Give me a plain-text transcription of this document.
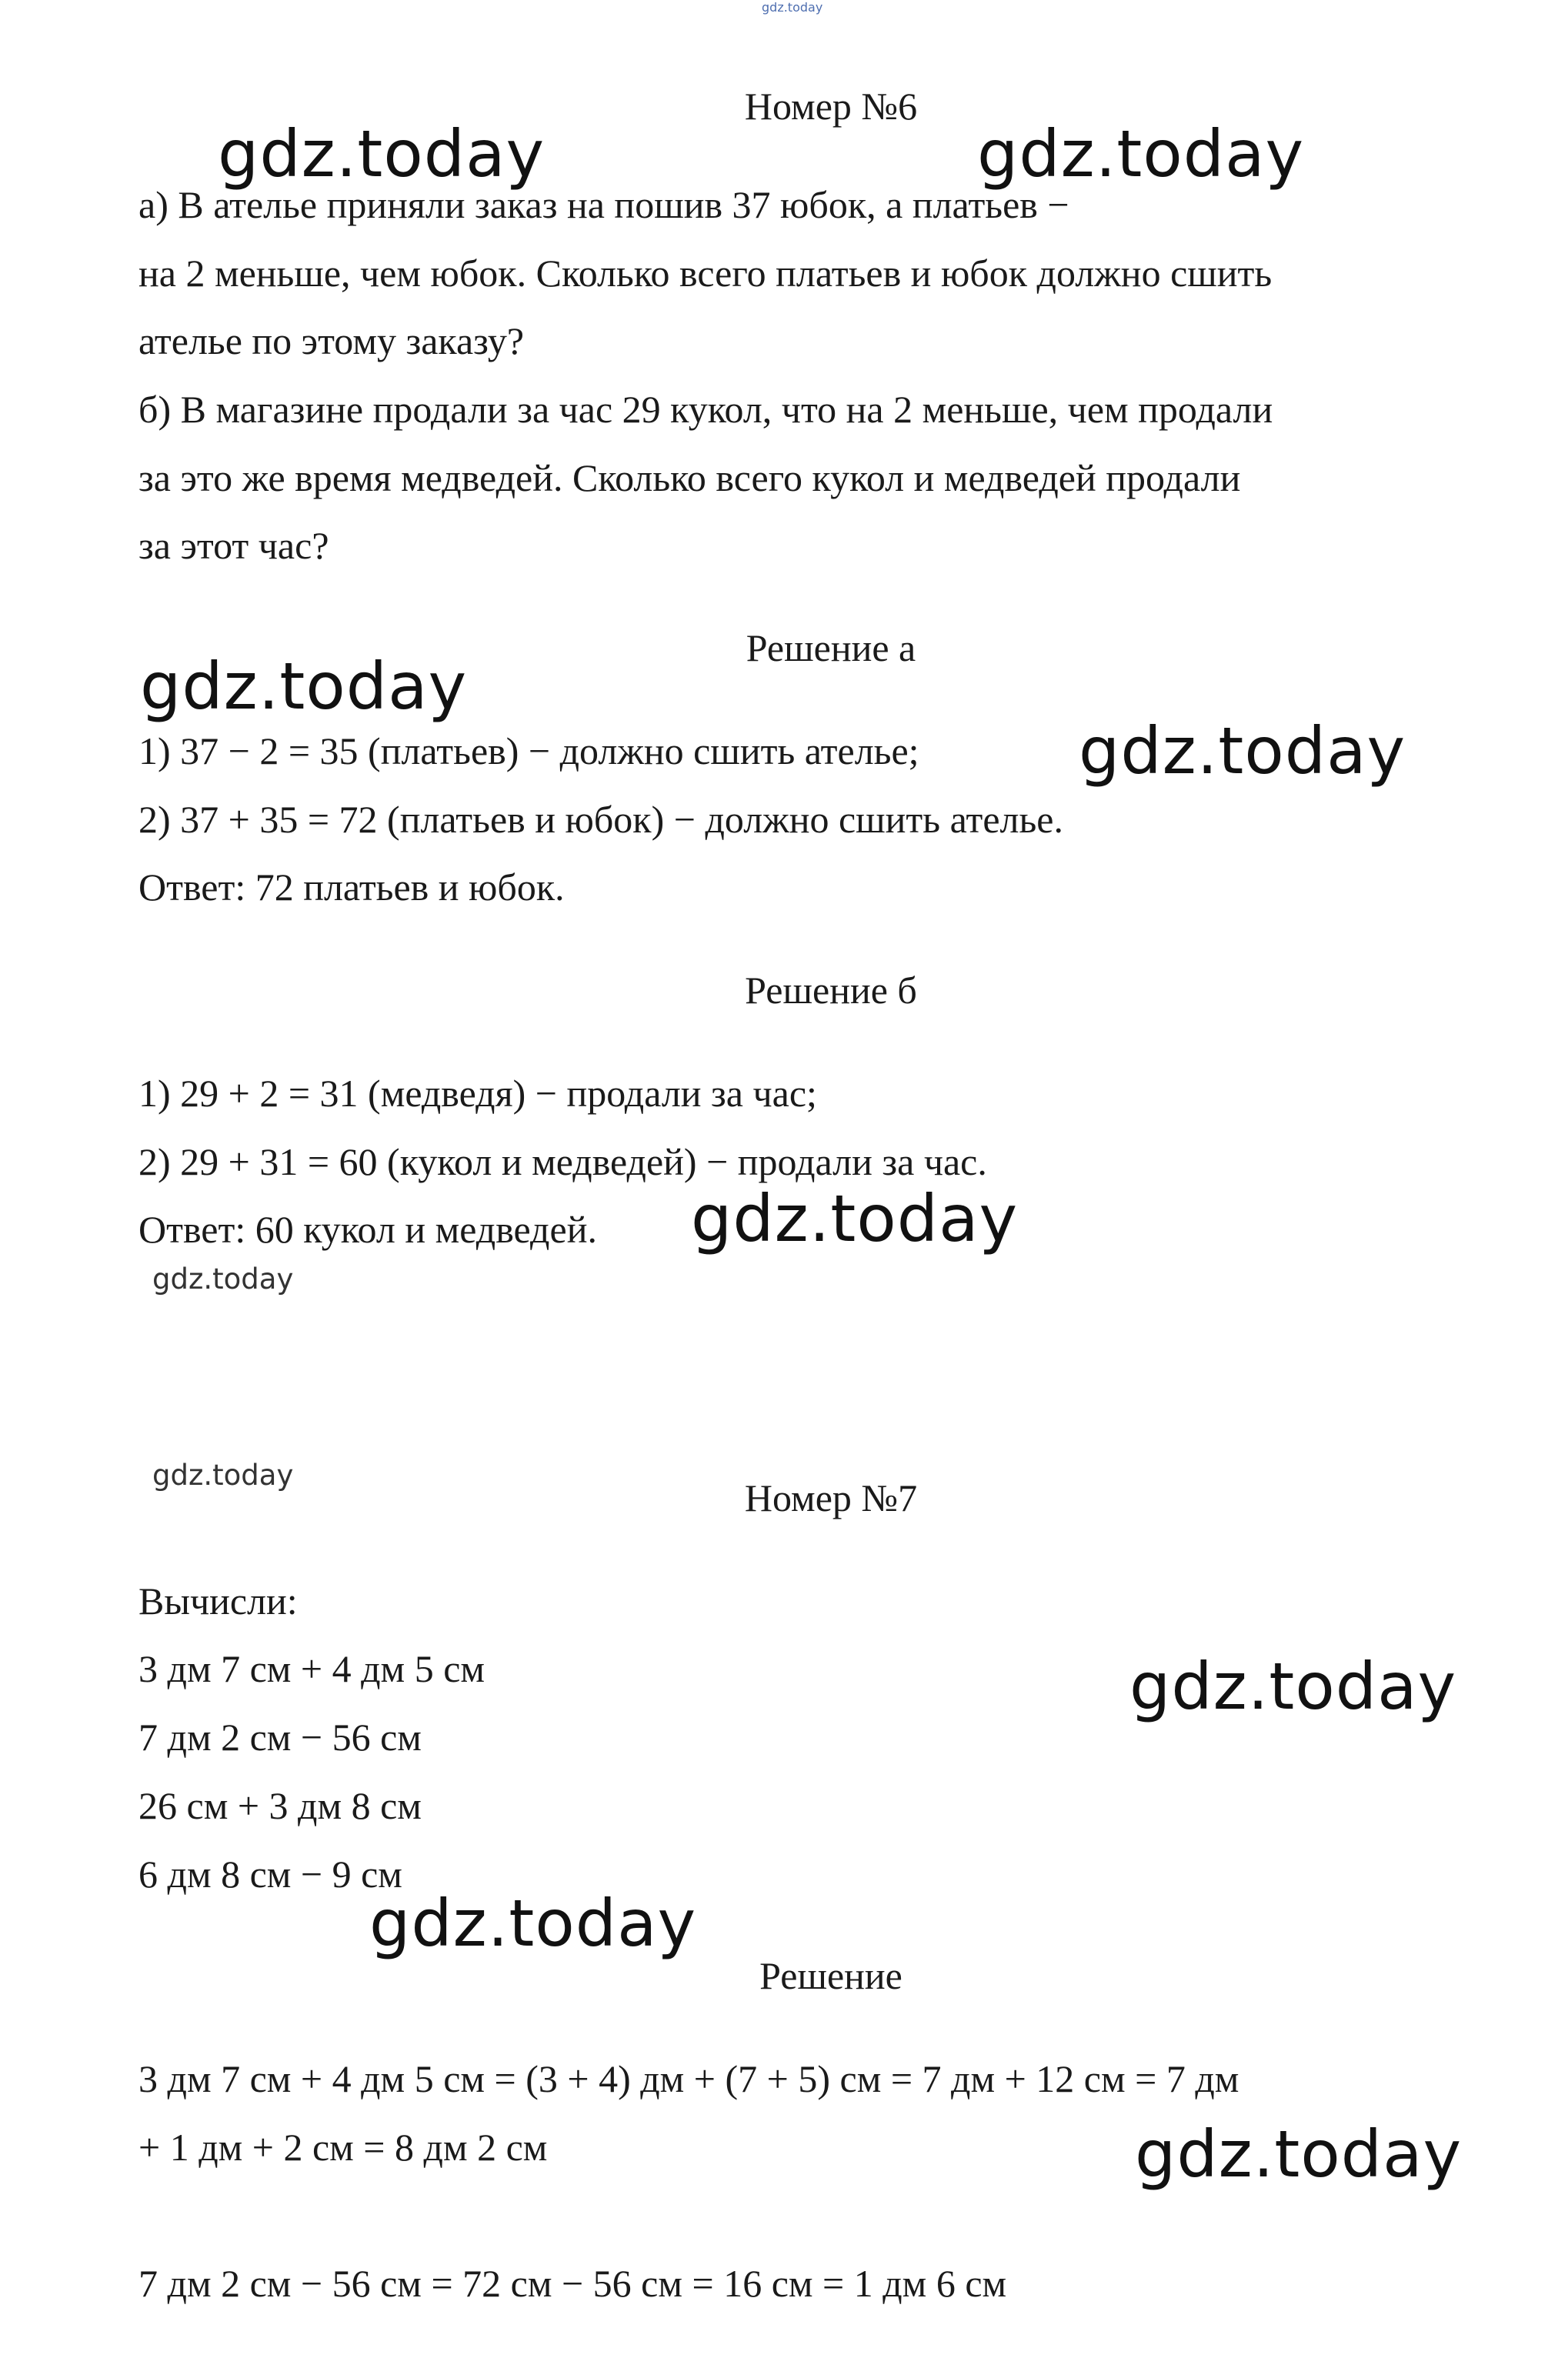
gdz.today
Номер №6
а) В ателье приняли заказ на пошив 37 юбок, а платьев −
на 2 меньше, чем юбок. Сколько всего платьев и юбок должно сшить
ателье по этому заказу?
б) В магазине продали за час 29 кукол, что на 2 меньше, чем продали
за это же время медведей. Сколько всего кукол и медведей продали
за этот час?
Решение а
1) 37 − 2 = 35 (платьев) − должно сшить ателье;
2) 37 + 35 = 72 (платьев и юбок) − должно сшить ателье.
Ответ: 72 платьев и юбок.
Решение б
1) 29 + 2 = 31 (медведя) − продали за час;
2) 29 + 31 = 60 (кукол и медведей) − продали за час.
Ответ: 60 кукол и медведей.
Номер №7
Вычисли:
3 дм 7 см + 4 дм 5 см
7 дм 2 см − 56 см
26 см + 3 дм 8 см
6 дм 8 см − 9 см
Решение
3 дм 7 см + 4 дм 5 см = (3 + 4) дм + (7 + 5) см = 7 дм + 12 см = 7 дм
+ 1 дм + 2 см = 8 дм 2 см
7 дм 2 см − 56 см = 72 см − 56 см = 16 см = 1 дм 6 см
gdz.today	gdz.today
gdz.today
gdz.today
gdz.today
gdz.today
gdz.today
gdz.today
gdz.today
gdz.today
